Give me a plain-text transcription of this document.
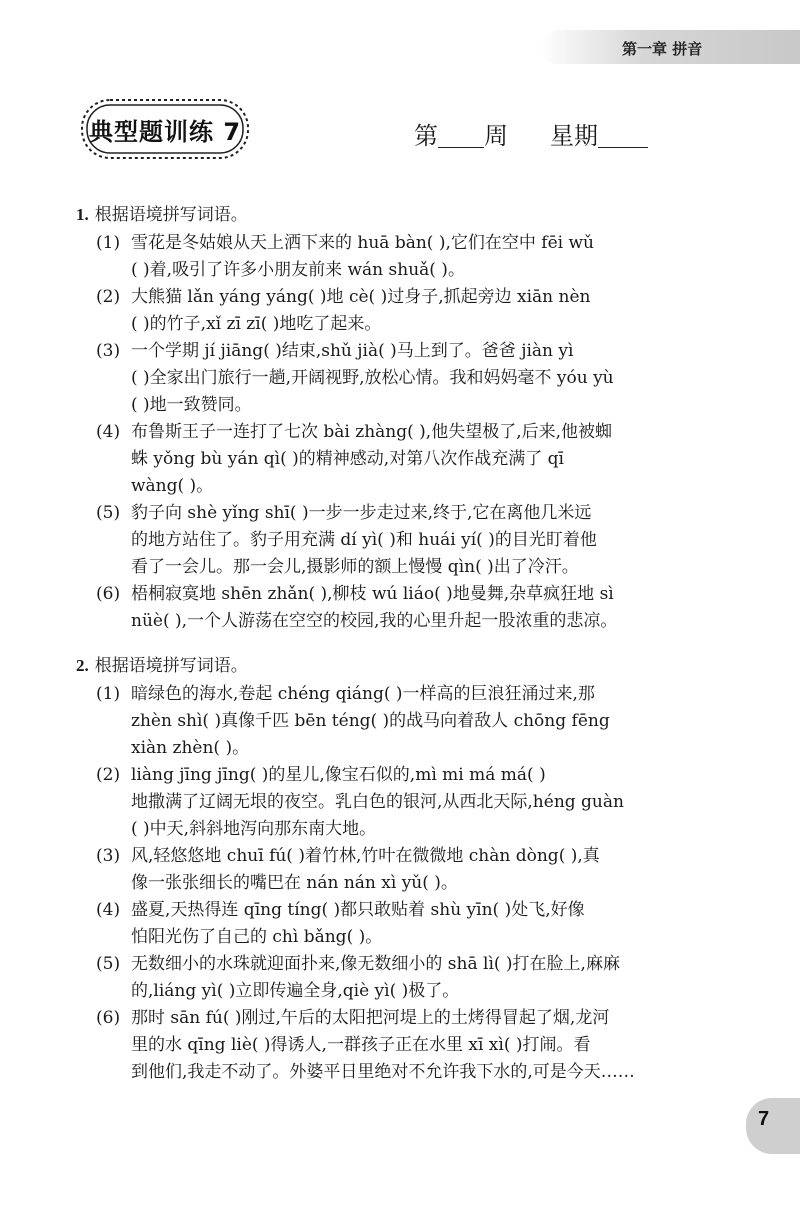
第一章 拼音
典型题训练 7	第 周 星期
1. 根据语境拼写词语。
(1) 雪花是冬姑娘从天上洒下来的 huā bàn( ),它们在空中 fēi wǔ
( )着,吸引了许多小朋友前来 wán shuǎ( )。
(2) 大熊猫 lǎn yáng yáng( )地 cè( )过身子,抓起旁边 xiān nèn
( )的竹子,xǐ zī zī( )地吃了起来。
(3) 一个学期 jí jiāng( )结束,shǔ jià( )马上到了。爸爸 jiàn yì
( )全家出门旅行一趟,开阔视野,放松心情。我和妈妈毫不 yóu yù
( )地一致赞同。
(4) 布鲁斯王子一连打了七次 bài zhàng( ),他失望极了,后来,他被蜘
蛛 yǒng bù yán qì( )的精神感动,对第八次作战充满了 qī
wàng( )。
(5) 豹子向 shè yǐng shī( )一步一步走过来,终于,它在离他几米远
的地方站住了。豹子用充满 dí yì( )和 huái yí( )的目光盯着他
看了一会儿。那一会儿,摄影师的额上慢慢 qìn( )出了冷汗。
(6) 梧桐寂寞地 shēn zhǎn( ),柳枝 wú liáo( )地曼舞,杂草疯狂地 sì
nüè( ),一个人游荡在空空的校园,我的心里升起一股浓重的悲凉。
2. 根据语境拼写词语。
(1) 暗绿色的海水,卷起 chéng qiáng( )一样高的巨浪狂涌过来,那
zhèn shì( )真像千匹 bēn téng( )的战马向着敌人 chōng fēng
xiàn zhèn( )。
(2) liàng jīng jīng( )的星儿,像宝石似的,mì mi má má( )
地撒满了辽阔无垠的夜空。乳白色的银河,从西北天际,héng guàn
( )中天,斜斜地泻向那东南大地。
(3) 风,轻悠悠地 chuī fú( )着竹林,竹叶在微微地 chàn dòng( ),真
像一张张细长的嘴巴在 nán nán xì yǔ( )。
(4) 盛夏,天热得连 qīng tíng( )都只敢贴着 shù yīn( )处飞,好像
怕阳光伤了自己的 chì bǎng( )。
(5) 无数细小的水珠就迎面扑来,像无数细小的 shā lì( )打在脸上,麻麻
的,liáng yì( )立即传遍全身,qiè yì( )极了。
(6) 那时 sān fú( )刚过,午后的太阳把河堤上的土烤得冒起了烟,龙河
里的水 qīng liè( )得诱人,一群孩子正在水里 xī xì( )打闹。看
到他们,我走不动了。外婆平日里绝对不允许我下水的,可是今天……
7
